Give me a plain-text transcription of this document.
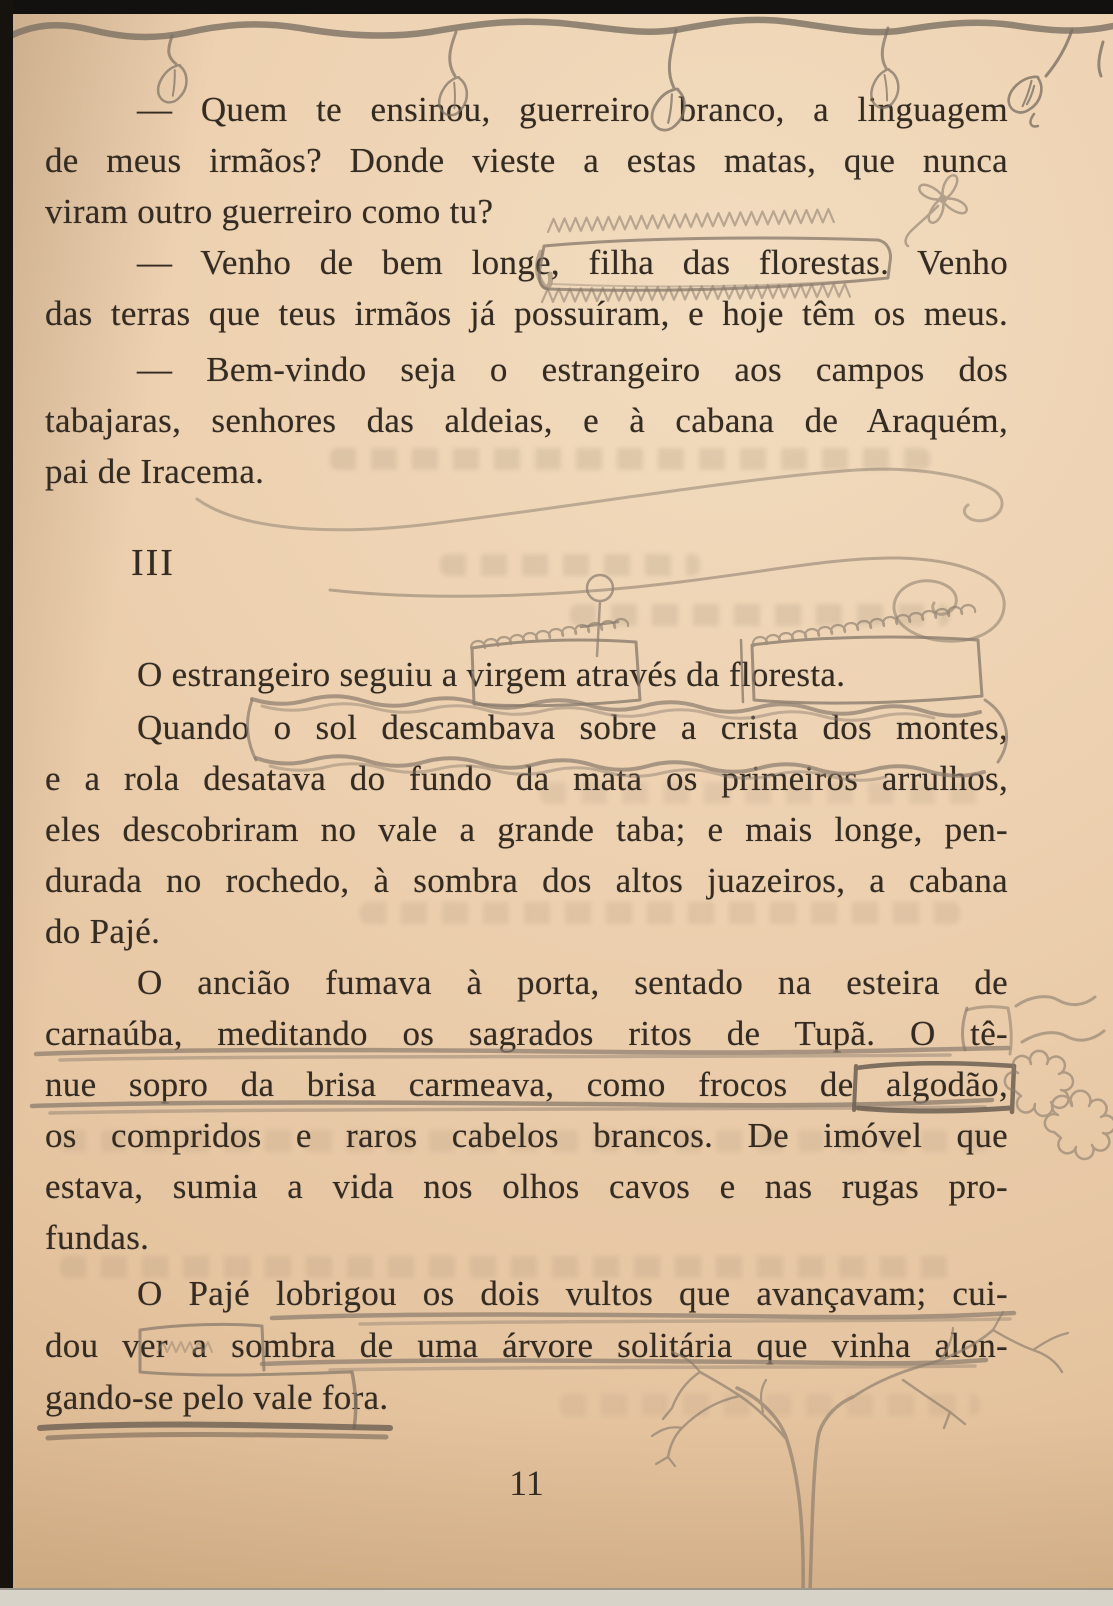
— Quem te ensinou, guerreiro branco, a linguagem
de meus irmãos? Donde vieste a estas matas, que nunca
viram outro guerreiro como tu?
— Venho de bem longe, filha das florestas. Venho
das terras que teus irmãos já possuíram, e hoje têm os meus.
— Bem-vindo seja o estrangeiro aos campos dos
tabajaras, senhores das aldeias, e à cabana de Araquém,
pai de Iracema.
III
O estrangeiro seguiu a virgem através da floresta.
Quando o sol descambava sobre a crista dos montes,
e a rola desatava do fundo da mata os primeiros arrulhos,
eles descobriram no vale a grande taba; e mais longe, pen-
durada no rochedo, à sombra dos altos juazeiros, a cabana
do Pajé.
O ancião fumava à porta, sentado na esteira de
carnaúba, meditando os sagrados ritos de Tupã. O tê-
nue sopro da brisa carmeava, como frocos de algodão,
os compridos e raros cabelos brancos. De imóvel que
estava, sumia a vida nos olhos cavos e nas rugas pro-
fundas.
O Pajé lobrigou os dois vultos que avançavam; cui-
dou ver a sombra de uma árvore solitária que vinha alon-
gando-se pelo vale fora.
11
